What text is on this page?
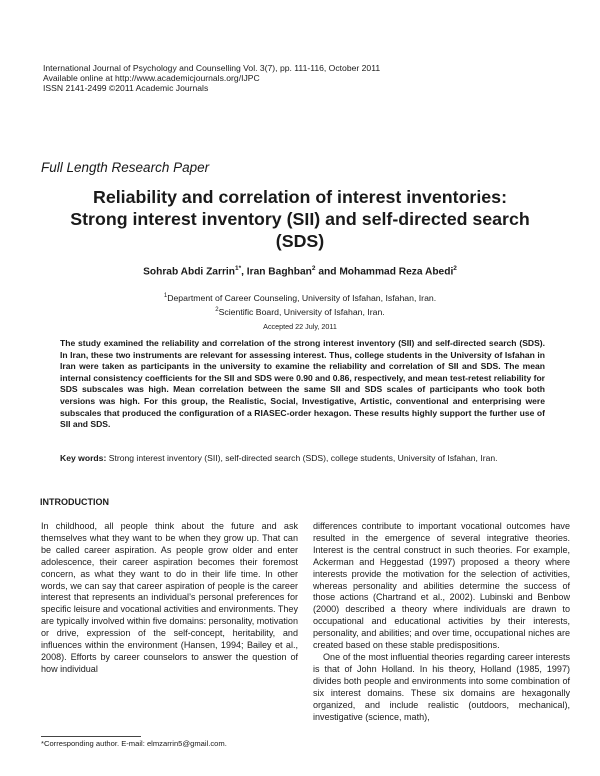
International Journal of Psychology and Counselling Vol. 3(7), pp. 111-116, October 2011
Available online at http://www.academicjournals.org/IJPC
ISSN 2141-2499 ©2011 Academic Journals
Full Length Research Paper
Reliability and correlation of interest inventories:
Strong interest inventory (SII) and self-directed search
(SDS)
Sohrab Abdi Zarrin$^{1*}$, Iran Baghban$^2$ and Mohammad Reza Abedi$^2$
$^1$Department of Career Counseling, University of Isfahan, Isfahan, Iran.
$^2$Scientific Board, University of Isfahan, Iran.
Accepted 22 July, 2011
The study examined the reliability and correlation of the strong interest inventory (SII) and self-directed search (SDS). In Iran, these two instruments are relevant for assessing interest. Thus, college students in the University of Isfahan in Iran were taken as participants in the university to examine the reliability and correlation of SII and SDS. The mean internal consistency coefficients for the SII and SDS were 0.90 and 0.86, respectively, and mean test-retest reliability for SDS subscales was high. Mean correlation between the same SII and SDS scales of participants who took both versions was high. For this group, the Realistic, Social, Investigative, Artistic, conventional and enterprising were subscales that produced the configuration of a RIASEC-order hexagon. These results highly support the further use of SII and SDS.
Key words: Strong interest inventory (SII), self-directed search (SDS), college students, University of Isfahan, Iran.
INTRODUCTION

In childhood, all people think about the future and ask themselves what they want to be when they grow up. That can be called career aspiration. As people grow older and enter adolescence, their career aspiration becomes their foremost concern, as what they want to do in their life time. In other words, we can say that career aspiration of people is the career interest that represents an individual’s personal preferences for specific leisure and vocational activities and environments. They are typically involved within five domains: personality, motivation or drive, expression of the self-concept, heritability, and influences within the environment (Hansen, 1994; Bailey et al., 2008). Efforts by career counselors to answer the question of how individual

differences contribute to important vocational outcomes have resulted in the emergence of several integrative theories. Interest is the central construct in such theories. For example, Ackerman and Heggestad (1997) proposed a theory where interests provide the motivation for the selection of activities, whereas personality and abilities determine the success of those actions (Chartrand et al., 2002). Lubinski and Benbow (2000) described a theory where individuals are drawn to occupational and educational activities by their interests, personality, and abilities; and over time, occupational niches are created based on these stable predispositions.

One of the most influential theories regarding career interests is that of John Holland. In his theory, Holland (1985, 1997) divides both people and environments into some combination of six interest domains. These six domains are hexagonally organized, and include realistic (outdoors, mechanical), investigative (science, math),

*Corresponding author. E-mail: elmzarrin5@gmail.com.
